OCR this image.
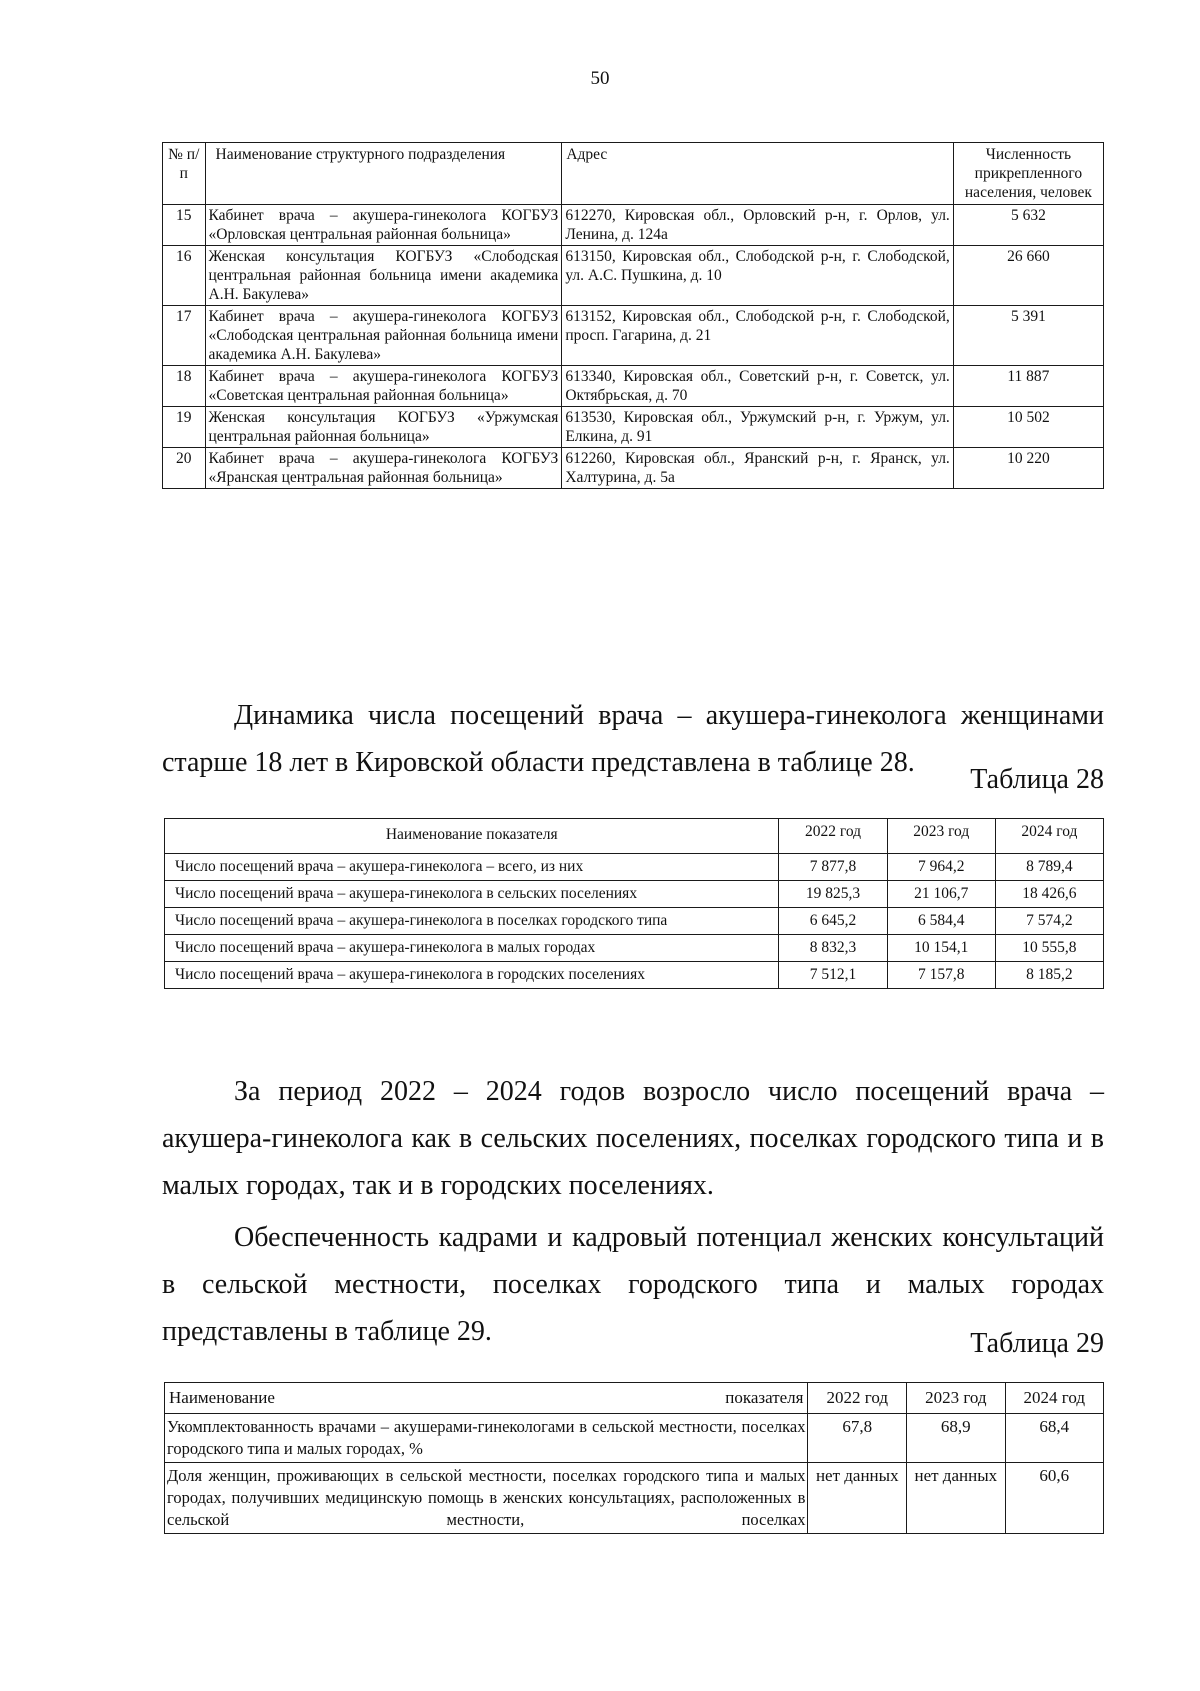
50
№ п/п	Наименование структурного подразделения	Адрес	Численность прикрепленного населения, человек
15	Кабинет врача – акушера-гинеколога КОГБУЗ «Орловская центральная районная больница»	612270, Кировская обл., Орловский р-н, г. Орлов, ул. Ленина, д. 124а	5 632
16	Женская консультация КОГБУЗ «Слободская центральная районная больница имени академика А.Н. Бакулева»	613150, Кировская обл., Слободской р-н, г. Слободской, ул. А.С. Пушкина, д. 10	26 660
17	Кабинет врача – акушера-гинеколога КОГБУЗ «Слободская центральная районная больница имени академика А.Н. Бакулева»	613152, Кировская обл., Слободской р-н, г. Слободской, просп. Гагарина, д. 21	5 391
18	Кабинет врача – акушера-гинеколога КОГБУЗ «Советская центральная районная больница»	613340, Кировская обл., Советский р-н, г. Советск, ул. Октябрьская, д. 70	11 887
19	Женская консультация КОГБУЗ «Уржумская центральная районная больница»	613530, Кировская обл., Уржумский р-н, г. Уржум, ул. Елкина, д. 91	10 502
20	Кабинет врача – акушера-гинеколога КОГБУЗ «Яранская центральная районная больница»	612260, Кировская обл., Яранский р-н, г. Яранск, ул. Халтурина, д. 5а	10 220

Динамика числа посещений врача – акушера-гинеколога женщинами старше 18 лет в Кировской области представлена в таблице 28.

Таблица 28
Наименование показателя	2022 год	2023 год	2024 год
Число посещений врача – акушера-гинеколога – всего, из них	7 877,8	7 964,2	8 789,4
Число посещений врача – акушера-гинеколога в сельских поселениях	19 825,3	21 106,7	18 426,6
Число посещений врача – акушера-гинеколога в поселках городского типа	6 645,2	6 584,4	7 574,2
Число посещений врача – акушера-гинеколога в малых городах	8 832,3	10 154,1	10 555,8
Число посещений врача – акушера-гинеколога в городских поселениях	7 512,1	7 157,8	8 185,2

За период 2022 – 2024 годов возросло число посещений врача – акушера-гинеколога как в сельских поселениях, поселках городского типа и в малых городах, так и в городских поселениях.

Обеспеченность кадрами и кадровый потенциал женских консультаций в сельской местности, поселках городского типа и малых городах представлены в таблице 29.	Таблица 29
Наименование показателя	2022 год	2023 год	2024 год
Укомплектованность врачами – акушерами-гинекологами в сельской местности, поселках городского типа и малых городах, %	67,8	68,9	68,4
Доля женщин, проживающих в сельской местности, поселках городского типа и малых городах, получивших медицинскую помощь в женских консультациях, расположенных в сельской местности, поселках	нет данных	нет данных	60,6
